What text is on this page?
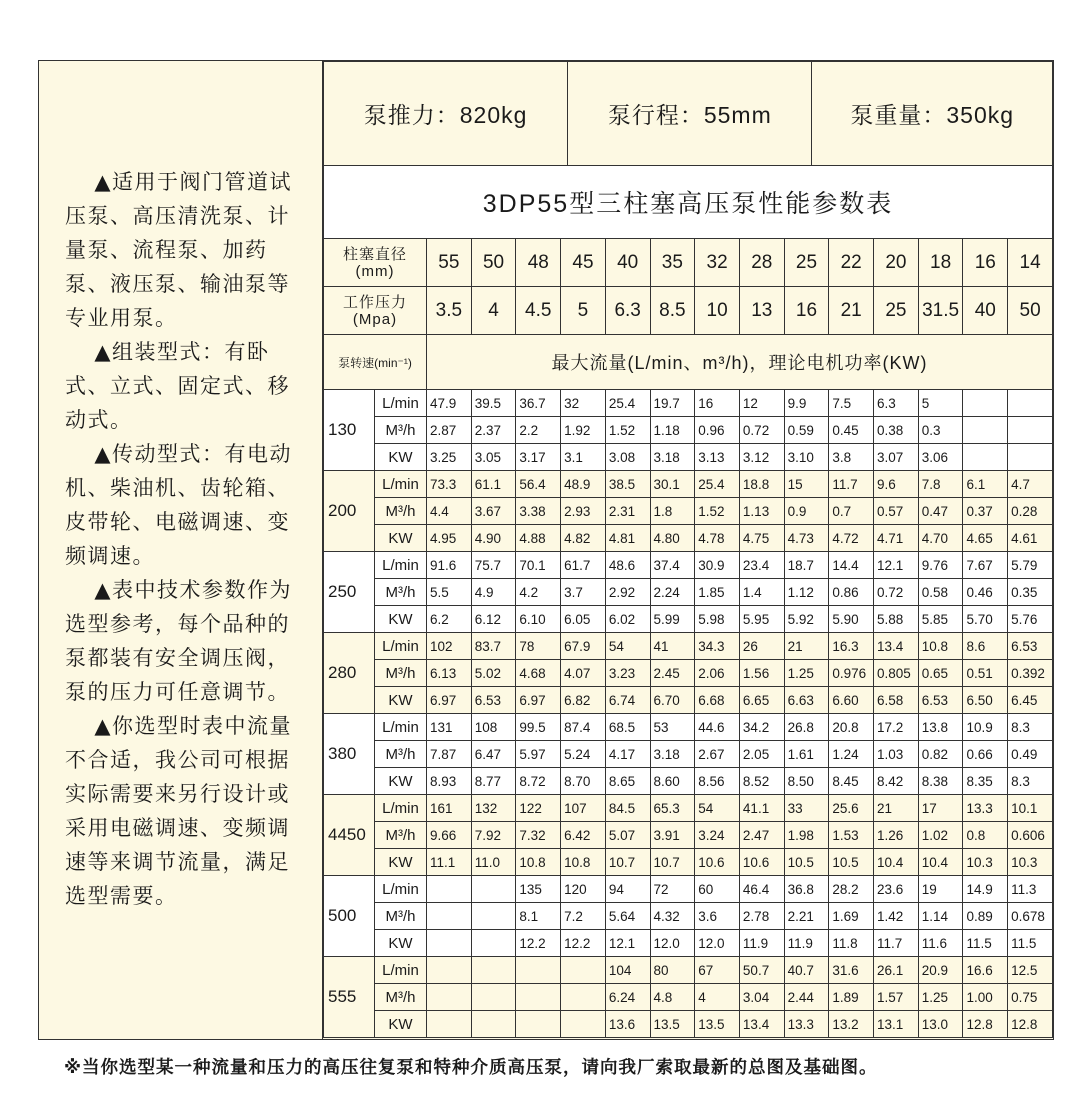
▲适用于阀门管道试压泵、高压清洗泵、计量泵、流程泵、加药泵、液压泵、输油泵等专业用泵。

▲组装型式：有卧式、立式、固定式、移动式。

▲传动型式：有电动机、柴油机、齿轮箱、皮带轮、电磁调速、变频调速。

▲表中技术参数作为选型参考，每个品种的泵都装有安全调压阀，泵的压力可任意调节。

▲你选型时表中流量不合适，我公司可根据实际需要来另行设计或采用电磁调速、变频调速等来调节流量，满足选型需要。

泵推力：820kg	泵行程：55mm	泵重量：350kg
3DP55型三柱塞高压泵性能参数表															
柱塞直径(mm)		55	50	48	45	40	35	32	28	25	22	20	18	16	14
工作压力(Mpa)		3.5	4	4.5	5	6.3	8.5	10	13	16	21	25	31.5	40	50
泵转速(min⁻¹)		最大流量(L/min、m³/h)，理论电机功率(KW)													
130	L/min	47.9	39.5	36.7	32	25.4	19.7	16	12	9.9	7.5	6.3	5		
	M³/h	2.87	2.37	2.2	1.92	1.52	1.18	0.96	0.72	0.59	0.45	0.38	0.3		
	KW	3.25	3.05	3.17	3.1	3.08	3.18	3.13	3.12	3.10	3.8	3.07	3.06		
200	L/min	73.3	61.1	56.4	48.9	38.5	30.1	25.4	18.8	15	11.7	9.6	7.8	6.1	4.7
	M³/h	4.4	3.67	3.38	2.93	2.31	1.8	1.52	1.13	0.9	0.7	0.57	0.47	0.37	0.28
	KW	4.95	4.90	4.88	4.82	4.81	4.80	4.78	4.75	4.73	4.72	4.71	4.70	4.65	4.61
250	L/min	91.6	75.7	70.1	61.7	48.6	37.4	30.9	23.4	18.7	14.4	12.1	9.76	7.67	5.79
	M³/h	5.5	4.9	4.2	3.7	2.92	2.24	1.85	1.4	1.12	0.86	0.72	0.58	0.46	0.35
	KW	6.2	6.12	6.10	6.05	6.02	5.99	5.98	5.95	5.92	5.90	5.88	5.85	5.70	5.76
280	L/min	102	83.7	78	67.9	54	41	34.3	26	21	16.3	13.4	10.8	8.6	6.53
	M³/h	6.13	5.02	4.68	4.07	3.23	2.45	2.06	1.56	1.25	0.976	0.805	0.65	0.51	0.392
	KW	6.97	6.53	6.97	6.82	6.74	6.70	6.68	6.65	6.63	6.60	6.58	6.53	6.50	6.45
380	L/min	131	108	99.5	87.4	68.5	53	44.6	34.2	26.8	20.8	17.2	13.8	10.9	8.3
	M³/h	7.87	6.47	5.97	5.24	4.17	3.18	2.67	2.05	1.61	1.24	1.03	0.82	0.66	0.49
	KW	8.93	8.77	8.72	8.70	8.65	8.60	8.56	8.52	8.50	8.45	8.42	8.38	8.35	8.3
4450	L/min	161	132	122	107	84.5	65.3	54	41.1	33	25.6	21	17	13.3	10.1
	M³/h	9.66	7.92	7.32	6.42	5.07	3.91	3.24	2.47	1.98	1.53	1.26	1.02	0.8	0.606
	KW	11.1	11.0	10.8	10.8	10.7	10.7	10.6	10.6	10.5	10.5	10.4	10.4	10.3	10.3
500	L/min			135	120	94	72	60	46.4	36.8	28.2	23.6	19	14.9	11.3
	M³/h			8.1	7.2	5.64	4.32	3.6	2.78	2.21	1.69	1.42	1.14	0.89	0.678
	KW			12.2	12.2	12.1	12.0	12.0	11.9	11.9	11.8	11.7	11.6	11.5	11.5
555	L/min					104	80	67	50.7	40.7	31.6	26.1	20.9	16.6	12.5
	M³/h					6.24	4.8	4	3.04	2.44	1.89	1.57	1.25	1.00	0.75
	KW					13.6	13.5	13.5	13.4	13.3	13.2	13.1	13.0	12.8	12.8
※当你选型某一种流量和压力的高压往复泵和特种介质高压泵，请向我厂索取最新的总图及基础图。
